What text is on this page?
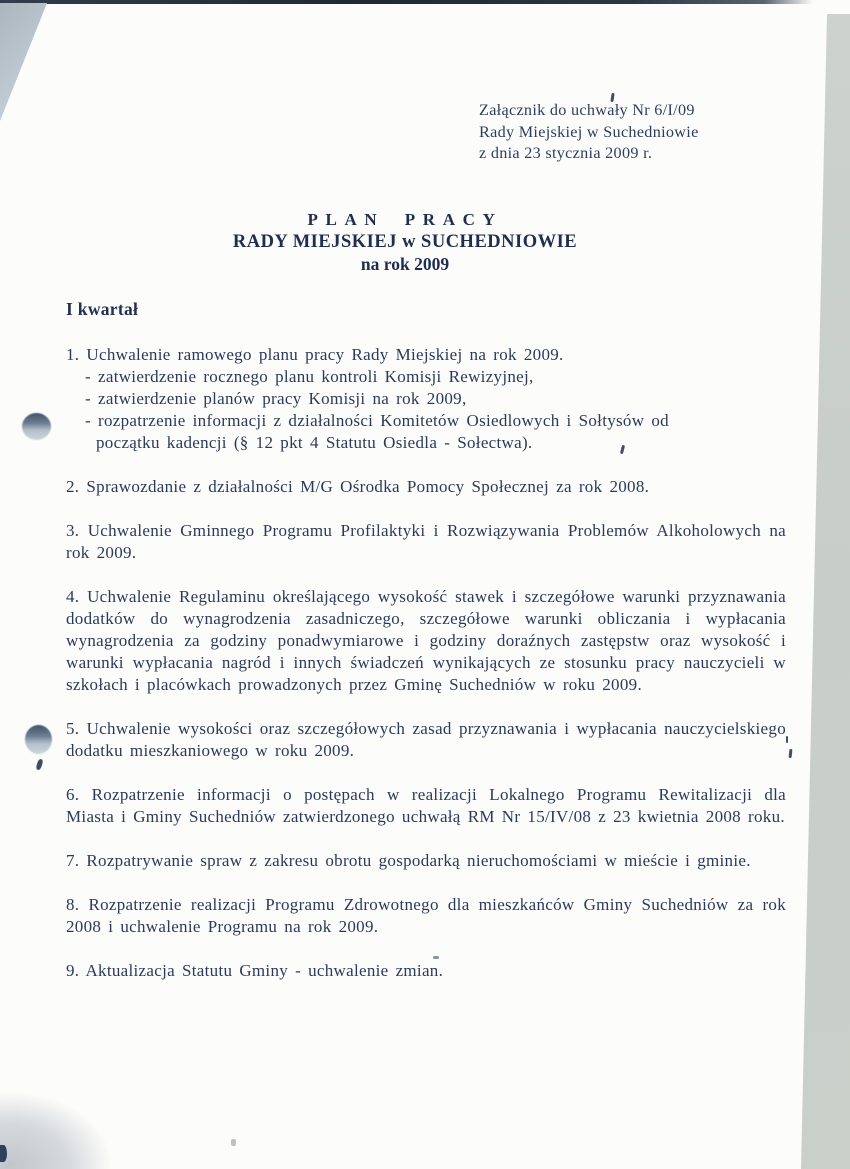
Załącznik do uchwały Nr 6/I/09
Rady Miejskiej w Suchedniowie
z dnia 23 stycznia 2009 r.
PLAN PRACY
RADY MIEJSKIEJ w SUCHEDNIOWIE
na rok 2009
I kwartał

1. Uchwalenie ramowego planu pracy Rady Miejskiej na rok 2009.

- zatwierdzenie rocznego planu kontroli Komisji Rewizyjnej,
- zatwierdzenie planów pracy Komisji na rok 2009,
- rozpatrzenie informacji z działalności Komitetów Osiedlowych i Sołtysów od początku kadencji (§ 12 pkt 4 Statutu Osiedla - Sołectwa).

2. Sprawozdanie z działalności M/G Ośrodka Pomocy Społecznej za rok 2008.

3. Uchwalenie Gminnego Programu Profilaktyki i Rozwiązywania Problemów Alkoholowych na rok 2009.

4. Uchwalenie Regulaminu określającego wysokość stawek i szczegółowe warunki przyznawania dodatków do wynagrodzenia zasadniczego, szczegółowe warunki obliczania i wypłacania wynagrodzenia za godziny ponadwymiarowe i godziny doraźnych zastępstw oraz wysokość i warunki wypłacania nagród i innych świadczeń wynikających ze stosunku pracy nauczycieli w szkołach i placówkach prowadzonych przez Gminę Suchedniów w roku 2009.

5. Uchwalenie wysokości oraz szczegółowych zasad przyznawania i wypłacania nauczycielskiego dodatku mieszkaniowego w roku 2009.

6. Rozpatrzenie informacji o postępach w realizacji Lokalnego Programu Rewitalizacji dla Miasta i Gminy Suchedniów zatwierdzonego uchwałą RM Nr 15/IV/08 z 23 kwietnia 2008 roku.

7. Rozpatrywanie spraw z zakresu obrotu gospodarką nieruchomościami w mieście i gminie.

8. Rozpatrzenie realizacji Programu Zdrowotnego dla mieszkańców Gminy Suchedniów za rok 2008 i uchwalenie Programu na rok 2009.

9. Aktualizacja Statutu Gminy - uchwalenie zmian.
